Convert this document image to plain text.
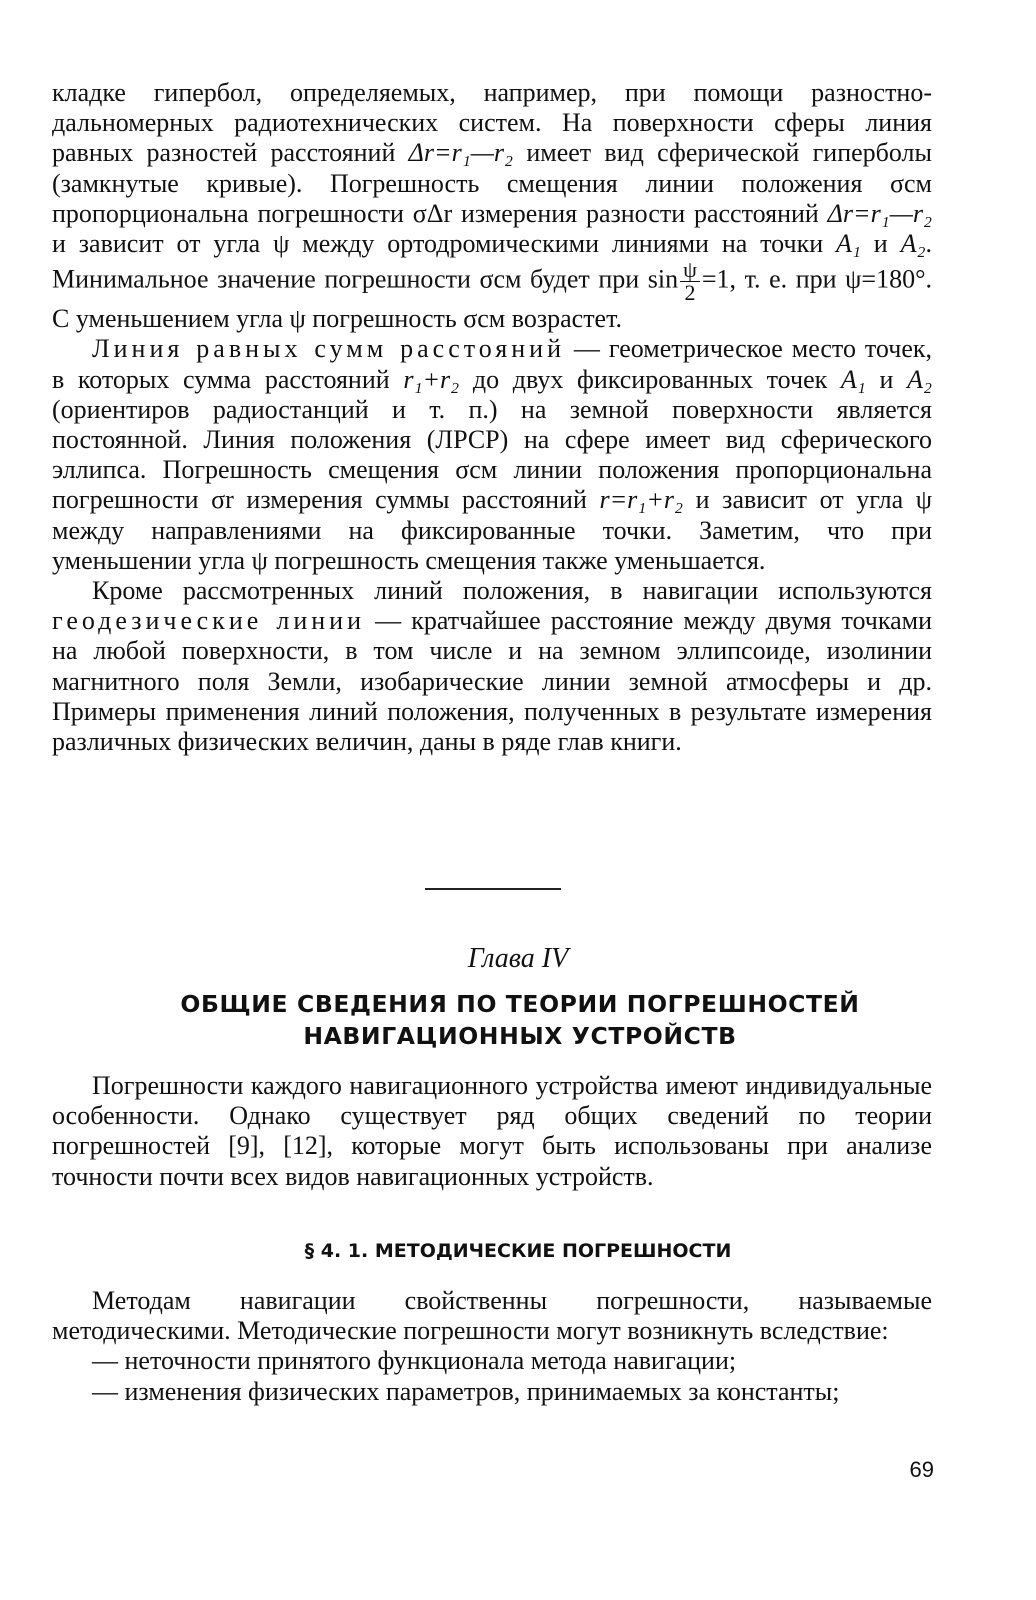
кладке гипербол, определяемых, например, при помощи разностно-дальномерных радиотехнических систем. На поверхности сферы линия равных разностей расстояний Δr=r₁—r₂ имеет вид сферической гиперболы (замкнутые кривые). Погрешность смещения линии положения σсм пропорциональна погрешности σΔr измерения разности расстояний Δr=r₁—r₂ и зависит от угла ψ между ортодромическими линиями на точки A₁ и A₂. Минимальное значение погрешности σсм будет при $\sin \frac{\psi}{2} =1$, т. е. при ψ=180°. С уменьшением угла ψ погрешность σсм возрастет.

Линия равных сумм расстояний — геометрическое место точек, в которых сумма расстояний r₁+r₂ до двух фиксированных точек A₁ и A₂ (ориентиров радиостанций и т. п.) на земной поверхности является постоянной. Линия положения (ЛРСР) на сфере имеет вид сферического эллипса. Погрешность смещения σсм линии положения пропорциональна погрешности σr измерения суммы расстояний r=r₁+r₂ и зависит от угла ψ между направлениями на фиксированные точки. Заметим, что при уменьшении угла ψ погрешность смещения также уменьшается.

Кроме рассмотренных линий положения, в навигации используются геодезические линии — кратчайшее расстояние между двумя точками на любой поверхности, в том числе и на земном эллипсоиде, изолинии магнитного поля Земли, изобарические линии земной атмосферы и др. Примеры применения линий положения, полученных в результате измерения различных физических величин, даны в ряде глав книги.

Глава IV
ОБЩИЕ СВЕДЕНИЯ ПО ТЕОРИИ ПОГРЕШНОСТЕЙ
НАВИГАЦИОННЫХ УСТРОЙСТВ

Погрешности каждого навигационного устройства имеют индивидуальные особенности. Однако существует ряд общих сведений по теории погрешностей [9], [12], которые могут быть использованы при анализе точности почти всех видов навигационных устройств.

§ 4. 1. МЕТОДИЧЕСКИЕ ПОГРЕШНОСТИ

Методам навигации свойственны погрешности, называемые методическими. Методические погрешности могут возникнуть вследствие:

— неточности принятого функционала метода навигации;

— изменения физических параметров, принимаемых за константы;

69
